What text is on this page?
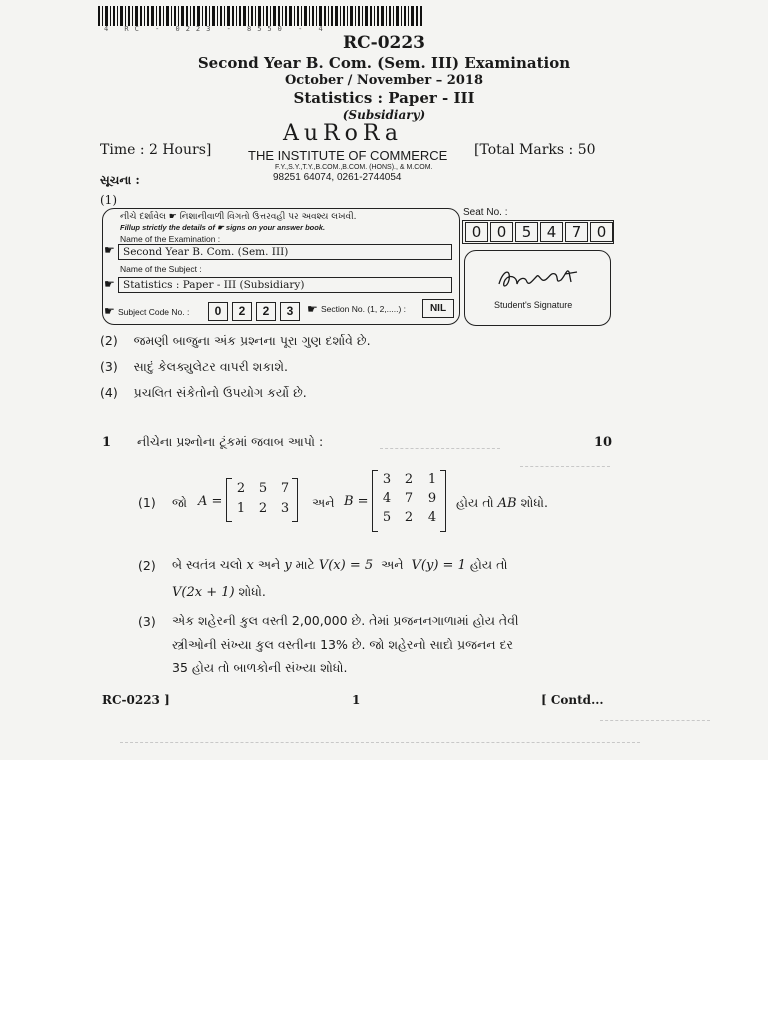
4 RC - 0223 - 8550 - 4
RC-0223
Second Year B. Com. (Sem. III) Examination
October / November – 2018
Statistics : Paper - III
(Subsidiary)
AuRoRa
THE INSTITUTE OF COMMERCE
F.Y.,S.Y.,T.Y.,B.COM.,B.COM. (HONS)., & M.COM.
98251 64074, 0261-2744054
Time : 2 Hours]	[Total Marks : 50
સૂચના :
(1)
નીચે દર્શાવેલ ☛ નિશાનીવાળી વિગતો ઉત્તરવહી પર અવશ્ય લખવી.
Fillup strictly the details of ☛ signs on your answer book.
Name of the Examination :
☛ Second Year B. Com. (Sem. III)
Name of the Subject :
☛ Statistics : Paper - III (Subsidiary)
☛ Subject Code No. :	0	2	2	3	☛ Section No. (1, 2,.....) :	NIL
Seat No. :
0	0	5	4	7	0
Student's Signature
(2) જમણી બાજુના અંક પ્રશ્નના પૂરા ગુણ દર્શાવે છે.
(3) સાદું કેલક્યુલેટર વાપરી શકાશે.
(4) પ્રચલિત સંકેતોનો ઉપયોગ કર્યો છે.
1 નીચેના પ્રશ્નોના ટૂંકમાં જવાબ આપો :	10
(1) જો A =
2 5 7
1 2 3 અને B =
3 2 1
4 7 9
5 2 4
હોય તો AB શોધો.
(2) બે સ્વતંત્ર ચલો x અને y માટે V(x) = 5 અને V(y) = 1 હોય તો
V(2x + 1) શોધો.
(3) એક શહેરની કુલ વસ્તી 2,00,000 છે. તેમાં પ્રજનનગાળામાં હોય તેવી
સ્ત્રીઓની સંખ્યા કુલ વસ્તીના 13% છે. જો શહેરનો સાદો પ્રજનન દર
35 હોય તો બાળકોની સંખ્યા શોધો.
RC-0223 ]	1	[ Contd...
